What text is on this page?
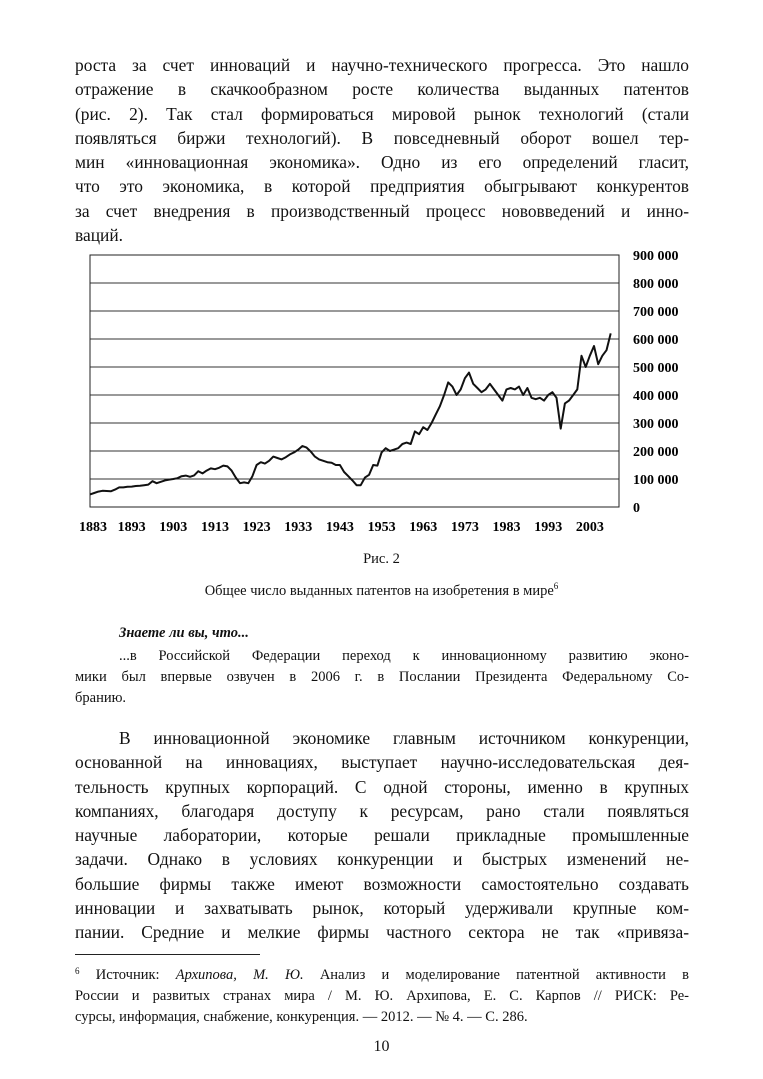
роста за счет инноваций и научно-технического прогресса. Это нашло
отражение в скачкообразном росте количества выданных патентов
(рис. 2). Так стал формироваться мировой рынок технологий (стали
появляться биржи технологий). В повседневный оборот вошел тер-
мин «инновационная экономика». Одно из его определений гласит,
что это экономика, в которой предприятия обыгрывают конкурентов
за счет внедрения в производственный процесс нововведений и инно-
ваций.

0
100 000
200 000
300 000
400 000
500 000
600 000
700 000
800 000
900 000
1883 1893 1903 1913 1923 1933 1943 1953 1963 1973 1983 1993 2003
Рис. 2
Общее число выданных патентов на изобретения в мире$^6$
Знаете ли вы, что...
...в Российской Федерации переход к инновационному развитию эконо-
мики был впервые озвучен в 2006 г. в Послании Президента Федеральному Со-
бранию.

В инновационной экономике главным источником конкуренции,
основанной на инновациях, выступает научно-исследовательская дея-
тельность крупных корпораций. С одной стороны, именно в крупных
компаниях, благодаря доступу к ресурсам, рано стали появляться
научные лаборатории, которые решали прикладные промышленные
задачи. Однако в условиях конкуренции и быстрых изменений не-
большие фирмы также имеют возможности самостоятельно создавать
инновации и захватывать рынок, который удерживали крупные ком-
пании. Средние и мелкие фирмы частного сектора не так «привяза-

$^6$ Источник: Архипова, М. Ю. Анализ и моделирование патентной активности в
России и развитых странах мира / М. Ю. Архипова, Е. С. Карпов // РИСК: Ре-
сурсы, информация, снабжение, конкуренция. — 2012. — № 4. — С. 286.
10
